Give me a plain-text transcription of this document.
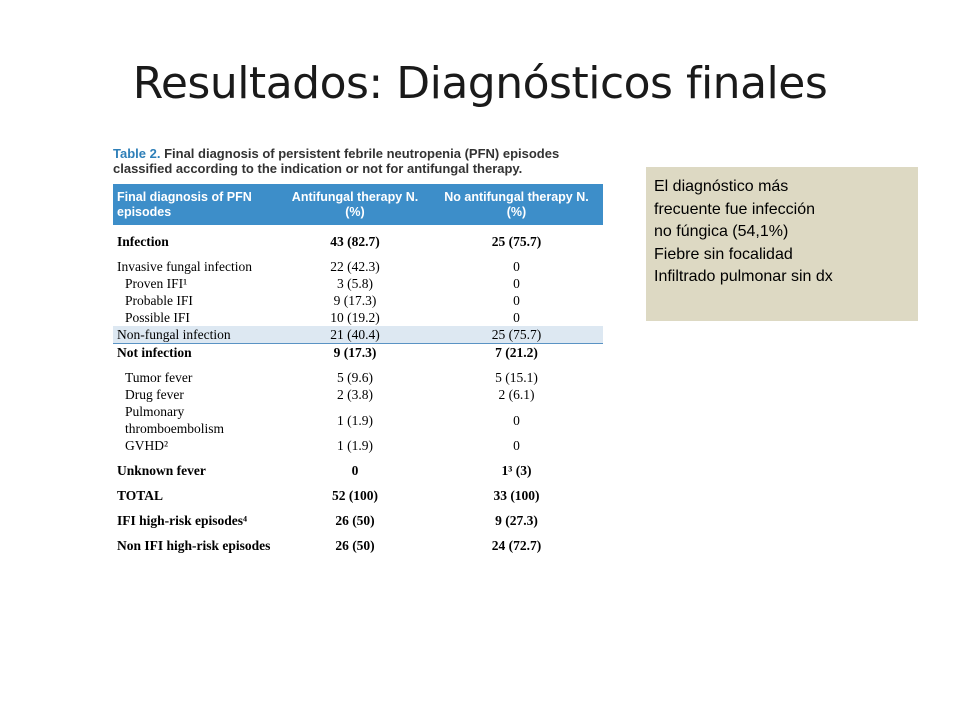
Resultados: Diagnósticos finales
Table 2. Final diagnosis of persistent febrile neutropenia (PFN) episodes classified according to the indication or not for antifungal therapy.
Final diagnosis of PFN episodes	Antifungal therapy N. (%)	No antifungal therapy N. (%)
Infection	43 (82.7)	25 (75.7)
Invasive fungal infection	22 (42.3)	0
Proven IFI¹	3 (5.8)	0
Probable IFI	9 (17.3)	0
Possible IFI	10 (19.2)	0
Non-fungal infection	21 (40.4)	25 (75.7)
Not infection	9 (17.3)	7 (21.2)
Tumor fever	5 (9.6)	5 (15.1)
Drug fever	2 (3.8)	2 (6.1)
Pulmonary thromboembolism	1 (1.9)	0
GVHD²	1 (1.9)	0
Unknown fever	0	1³ (3)
TOTAL	52 (100)	33 (100)
IFI high-risk episodes⁴	26 (50)	9 (27.3)
Non IFI high-risk episodes	26 (50)	24 (72.7)
El diagnóstico más
frecuente fue infección
no fúngica (54,1%)
Fiebre sin focalidad
Infiltrado pulmonar sin dx
